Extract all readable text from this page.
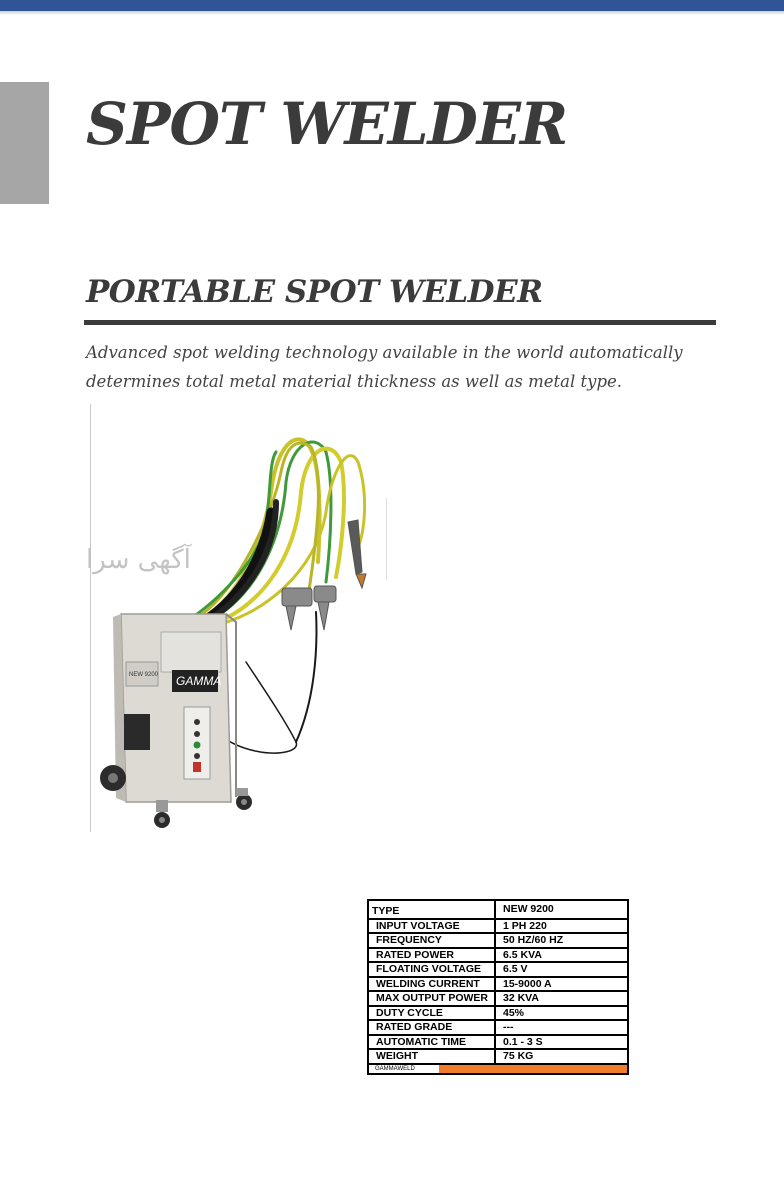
SPOT WELDER
PORTABLE SPOT WELDER

Advanced spot welding technology available in the world automatically
determines total metal material thickness as well as metal type.

GAMMA
NEW 9200
آگهی سرا
TYPE	NEW 9200
INPUT VOLTAGE	1 PH 220
FREQUENCY	50 HZ/60 HZ
RATED POWER	6.5 KVA
FLOATING VOLTAGE	6.5 V
WELDING CURRENT	15-9000 A
MAX OUTPUT POWER	32 KVA
DUTY CYCLE	45%
RATED GRADE	---
AUTOMATIC TIME	0.1 - 3 S
WEIGHT	75 KG

GAMMAWELD	
